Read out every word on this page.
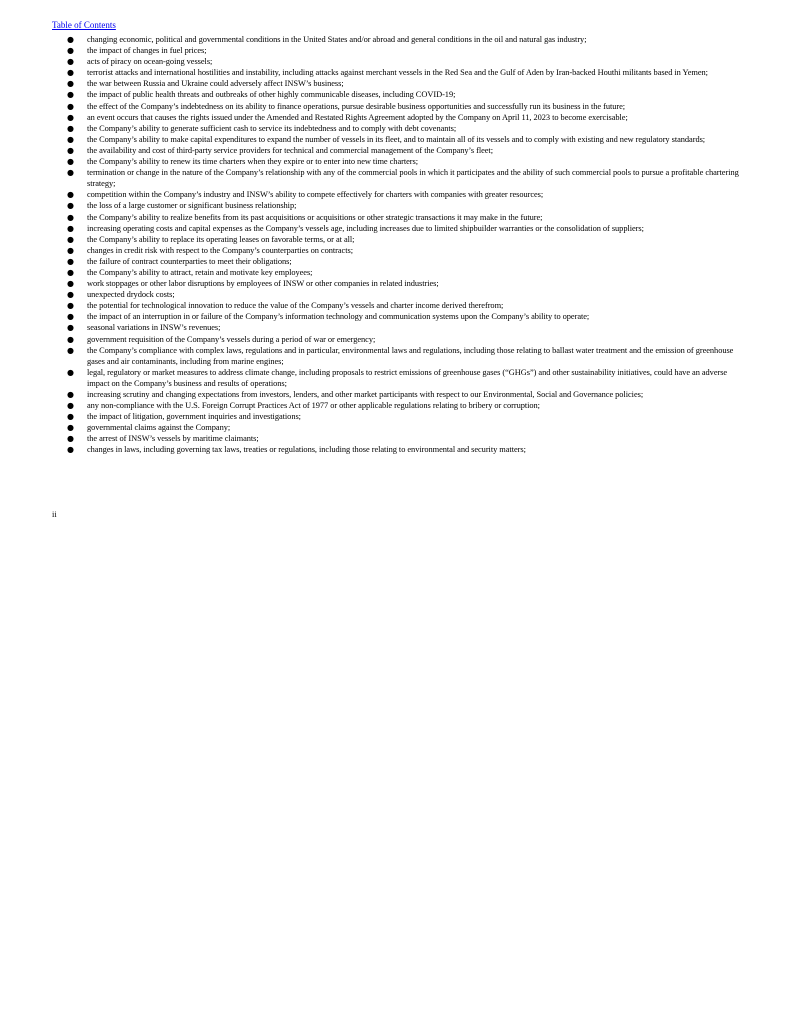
Table of Contents
●	changing economic, political and governmental conditions in the United States and/or abroad and general conditions in the oil and natural gas industry;
●	the impact of changes in fuel prices;
●	acts of piracy on ocean-going vessels;
●	terrorist attacks and international hostilities and instability, including attacks against merchant vessels in the Red Sea and the Gulf of Aden by Iran-backed Houthi militants based in Yemen;
●	the war between Russia and Ukraine could adversely affect INSW’s business;
●	the impact of public health threats and outbreaks of other highly communicable diseases, including COVID-19;
●	the effect of the Company’s indebtedness on its ability to finance operations, pursue desirable business opportunities and successfully run its business in the future;
●	an event occurs that causes the rights issued under the Amended and Restated Rights Agreement adopted by the Company on April 11, 2023 to become exercisable;
●	the Company’s ability to generate sufficient cash to service its indebtedness and to comply with debt covenants;
●	the Company’s ability to make capital expenditures to expand the number of vessels in its fleet, and to maintain all of its vessels and to comply with existing and new regulatory standards;
●	the availability and cost of third-party service providers for technical and commercial management of the Company’s fleet;
●	the Company’s ability to renew its time charters when they expire or to enter into new time charters;
●	termination or change in the nature of the Company’s relationship with any of the commercial pools in which it participates and the ability of such commercial pools to pursue a profitable chartering strategy;
●	competition within the Company’s industry and INSW’s ability to compete effectively for charters with companies with greater resources;
●	the loss of a large customer or significant business relationship;
●	the Company’s ability to realize benefits from its past acquisitions or acquisitions or other strategic transactions it may make in the future;
●	increasing operating costs and capital expenses as the Company’s vessels age, including increases due to limited shipbuilder warranties or the consolidation of suppliers;
●	the Company’s ability to replace its operating leases on favorable terms, or at all;
●	changes in credit risk with respect to the Company’s counterparties on contracts;
●	the failure of contract counterparties to meet their obligations;
●	the Company’s ability to attract, retain and motivate key employees;
●	work stoppages or other labor disruptions by employees of INSW or other companies in related industries;
●	unexpected drydock costs;
●	the potential for technological innovation to reduce the value of the Company’s vessels and charter income derived therefrom;
●	the impact of an interruption in or failure of the Company’s information technology and communication systems upon the Company’s ability to operate;
●	seasonal variations in INSW’s revenues;
●	government requisition of the Company’s vessels during a period of war or emergency;
●	the Company’s compliance with complex laws, regulations and in particular, environmental laws and regulations, including those relating to ballast water treatment and the emission of greenhouse gases and air contaminants, including from marine engines;
●	legal, regulatory or market measures to address climate change, including proposals to restrict emissions of greenhouse gases (“GHGs”) and other sustainability initiatives, could have an adverse impact on the Company’s business and results of operations;
●	increasing scrutiny and changing expectations from investors, lenders, and other market participants with respect to our Environmental, Social and Governance policies;
●	any non-compliance with the U.S. Foreign Corrupt Practices Act of 1977 or other applicable regulations relating to bribery or corruption;
●	the impact of litigation, government inquiries and investigations;
●	governmental claims against the Company;
●	the arrest of INSW’s vessels by maritime claimants;
●	changes in laws, including governing tax laws, treaties or regulations, including those relating to environmental and security matters;
ii
